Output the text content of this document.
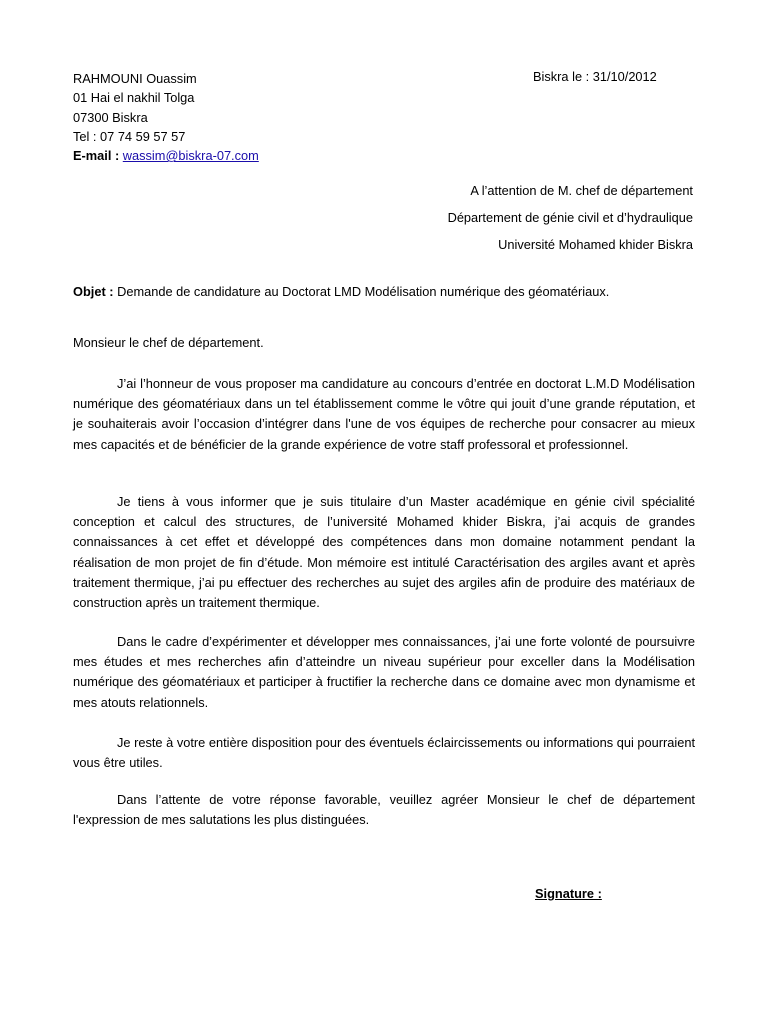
RAHMOUNI Ouassim
01 Hai el nakhil Tolga
07300 Biskra
Tel : 07 74 59 57 57
E-mail : wassim@biskra-07.com
Biskra le : 31/10/2012
A l’attention de M. chef de département
Département de génie civil et d’hydraulique
Université Mohamed khider Biskra
Objet : Demande de candidature au Doctorat LMD Modélisation numérique des géomatériaux.
Monsieur le chef de département.

J’ai l’honneur de vous proposer ma candidature au concours d’entrée en doctorat L.M.D Modélisation numérique des géomatériaux dans un tel établissement comme le vôtre qui jouit d’une grande réputation, et je souhaiterais avoir l’occasion d’intégrer dans l'une de vos équipes de recherche pour consacrer au mieux mes capacités et de bénéficier de la grande expérience de votre staff professoral et professionnel.

Je tiens à vous informer que je suis titulaire d’un Master académique en génie civil spécialité conception et calcul des structures, de l’université Mohamed khider Biskra, j’ai acquis de grandes connaissances à cet effet et développé des compétences dans mon domaine notamment pendant la réalisation de mon projet de fin d’étude. Mon mémoire est intitulé Caractérisation des argiles avant et après traitement thermique, j’ai pu effectuer des recherches au sujet des argiles afin de produire des matériaux de construction après un traitement thermique.

Dans le cadre d’expérimenter et développer mes connaissances, j’ai une forte volonté de poursuivre mes études et mes recherches afin d’atteindre un niveau supérieur pour exceller dans la Modélisation numérique des géomatériaux et participer à fructifier la recherche dans ce domaine avec mon dynamisme et mes atouts relationnels.

Je reste à votre entière disposition pour des éventuels éclaircissements ou informations qui pourraient vous être utiles.

Dans l’attente de votre réponse favorable, veuillez agréer Monsieur le chef de département l'expression de mes salutations les plus distinguées.

Signature :
